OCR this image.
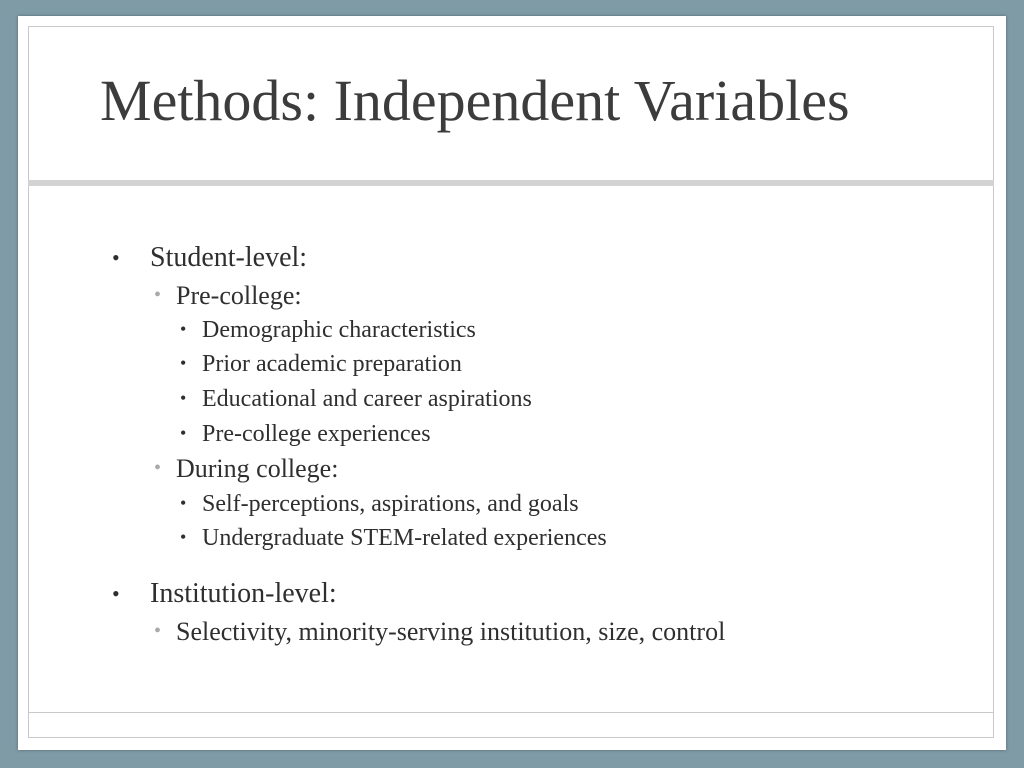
Methods: Independent Variables
• Student-level:
• Pre-college:
• Demographic characteristics
• Prior academic preparation
• Educational and career aspirations
• Pre-college experiences
• During college:
• Self-perceptions, aspirations, and goals
• Undergraduate STEM-related experiences
• Institution-level:
• Selectivity, minority-serving institution, size, control
